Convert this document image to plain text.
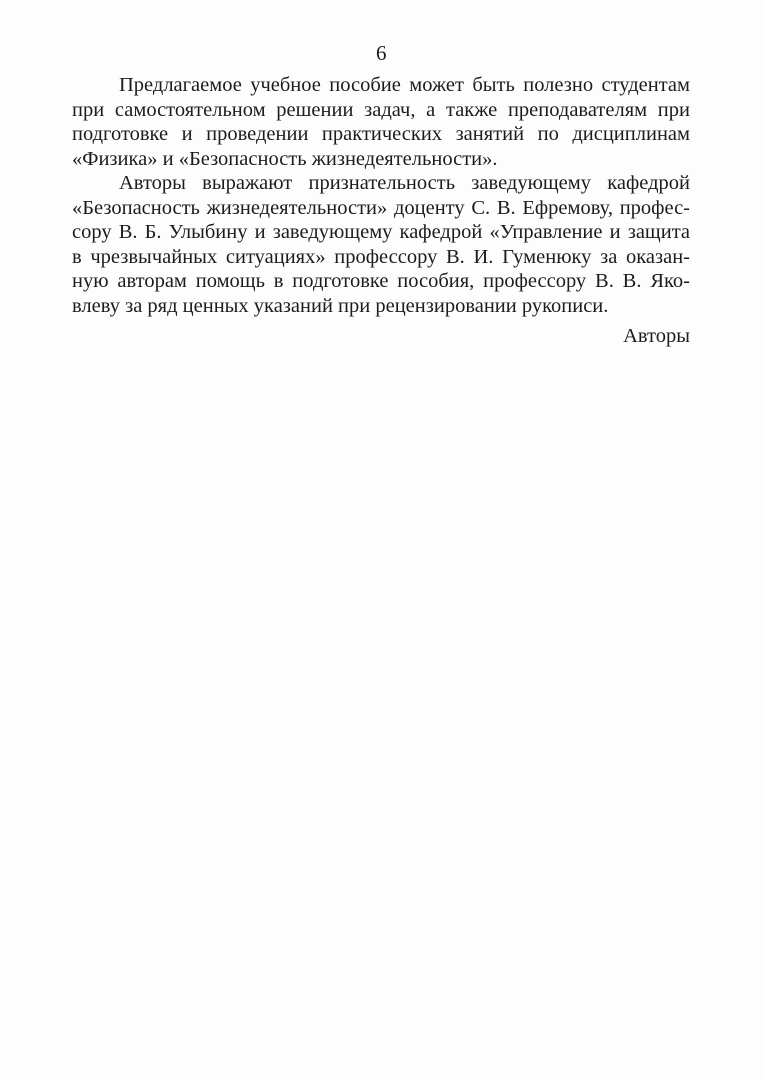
6
Предлагаемое учебное пособие может быть полезно студентам
при самостоятельном решении задач, а также преподавателям при
подготовке и проведении практических занятий по дисциплинам
«Физика» и «Безопасность жизнедеятельности».
Авторы выражают признательность заведующему кафедрой
«Безопасность жизнедеятельности» доценту С. В. Ефремову, профес-
сору В. Б. Улыбину и заведующему кафедрой «Управление и защита
в чрезвычайных ситуациях» профессору В. И. Гуменюку за оказан-
ную авторам помощь в подготовке пособия, профессору В. В. Яко-
влеву за ряд ценных указаний при рецензировании рукописи.
Авторы
